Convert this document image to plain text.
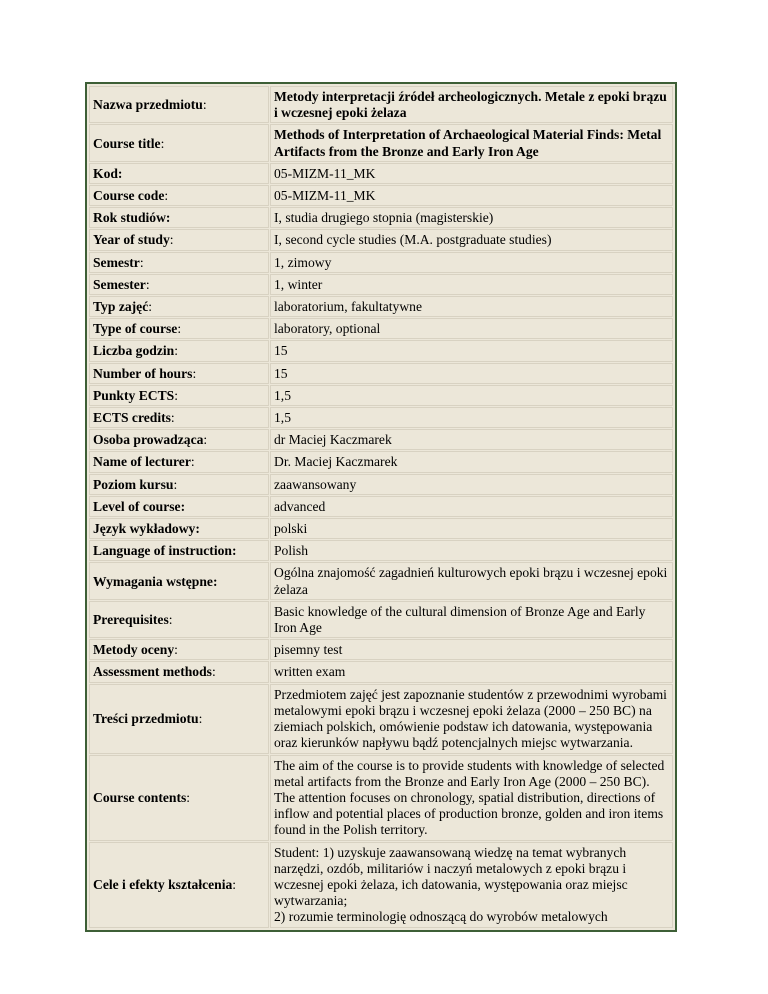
Nazwa przedmiotu:	Metody interpretacji źródeł archeologicznych. Metale z epoki brązu i wczesnej epoki żelaza
Course title:	Methods of Interpretation of Archaeological Material Finds: Metal Artifacts from the Bronze and Early Iron Age
Kod:	05-MIZM-11_MK
Course code:	05-MIZM-11_MK
Rok studiów:	I, studia drugiego stopnia (magisterskie)
Year of study:	I, second cycle studies (M.A. postgraduate studies)
Semestr:	1, zimowy
Semester:	1, winter
Typ zajęć:	laboratorium, fakultatywne
Type of course:	laboratory, optional
Liczba godzin:	15
Number of hours:	15
Punkty ECTS:	1,5
ECTS credits:	1,5
Osoba prowadząca:	dr Maciej Kaczmarek
Name of lecturer:	Dr. Maciej Kaczmarek
Poziom kursu:	zaawansowany
Level of course:	advanced
Język wykładowy:	polski
Language of instruction:	Polish
Wymagania wstępne:	Ogólna znajomość zagadnień kulturowych epoki brązu i wczesnej epoki żelaza
Prerequisites:	Basic knowledge of the cultural dimension of Bronze Age and Early Iron Age
Metody oceny:	pisemny test
Assessment methods:	written exam
Treści przedmiotu:	Przedmiotem zajęć jest zapoznanie studentów z przewodnimi wyrobami metalowymi epoki brązu i wczesnej epoki żelaza (2000 – 250 BC) na ziemiach polskich, omówienie podstaw ich datowania, występowania oraz kierunków napływu bądź potencjalnych miejsc wytwarzania.
Course contents:	The aim of the course is to provide students with knowledge of selected metal artifacts from the Bronze and Early Iron Age (2000 – 250 BC). The attention focuses on chronology, spatial distribution, directions of inflow and potential places of production bronze, golden and iron items found in the Polish territory.
Cele i efekty kształcenia:	Student: 1) uzyskuje zaawansowaną wiedzę na temat wybranych narzędzi, ozdób, militariów i naczyń metalowych z epoki brązu i wczesnej epoki żelaza, ich datowania, występowania oraz miejsc wytwarzania;
2) rozumie terminologię odnoszącą do wyrobów metalowych
